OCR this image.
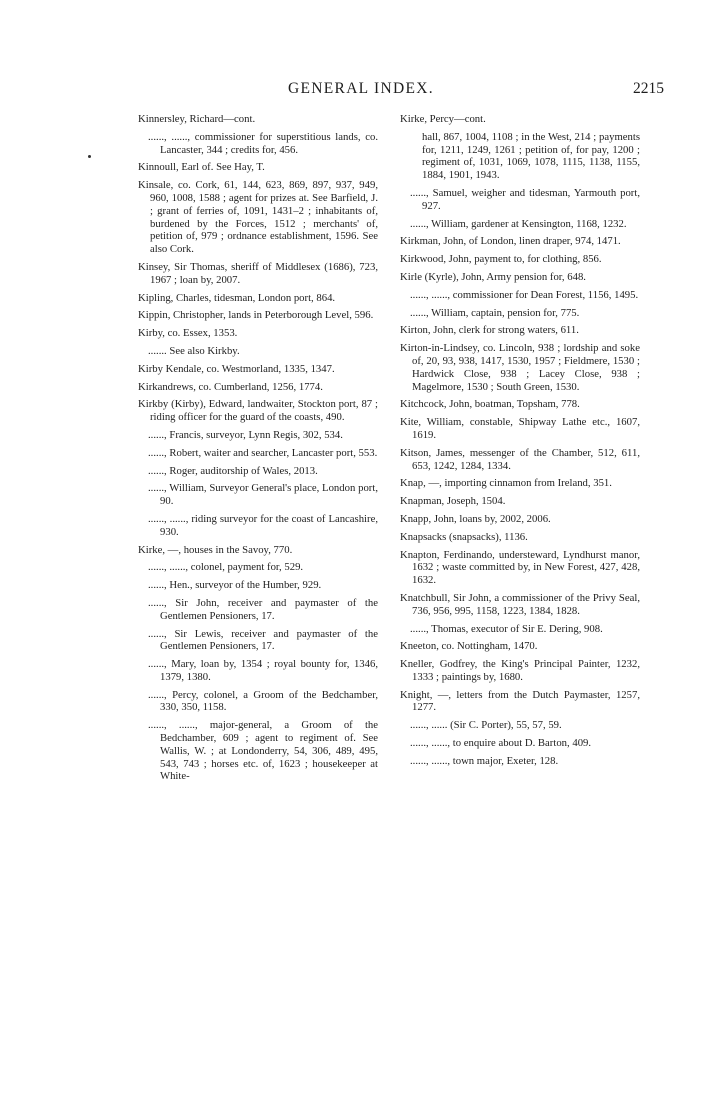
GENERAL INDEX.	2215

Kinnersley, Richard—cont.

......, ......, commissioner for superstitious lands, co. Lancaster, 344 ; credits for, 456.

Kinnoull, Earl of. See Hay, T.

Kinsale, co. Cork, 61, 144, 623, 869, 897, 937, 949, 960, 1008, 1588 ; agent for prizes at. See Barfield, J. ; grant of ferries of, 1091, 1431–2 ; inhabitants of, burdened by the Forces, 1512 ; merchants' of, petition of, 979 ; ordnance establishment, 1596. See also Cork.

Kinsey, Sir Thomas, sheriff of Middlesex (1686), 723, 1967 ; loan by, 2007.

Kipling, Charles, tidesman, London port, 864.

Kippin, Christopher, lands in Peterborough Level, 596.

Kirby, co. Essex, 1353.

....... See also Kirkby.

Kirby Kendale, co. Westmorland, 1335, 1347.

Kirkandrews, co. Cumberland, 1256, 1774.

Kirkby (Kirby), Edward, landwaiter, Stockton port, 87 ; riding officer for the guard of the coasts, 490.

......, Francis, surveyor, Lynn Regis, 302, 534.

......, Robert, waiter and searcher, Lancaster port, 553.

......, Roger, auditorship of Wales, 2013.

......, William, Surveyor General's place, London port, 90.

......, ......, riding surveyor for the coast of Lancashire, 930.

Kirke, —, houses in the Savoy, 770.

......, ......, colonel, payment for, 529.

......, Hen., surveyor of the Humber, 929.

......, Sir John, receiver and paymaster of the Gentlemen Pensioners, 17.

......, Sir Lewis, receiver and paymaster of the Gentlemen Pensioners, 17.

......, Mary, loan by, 1354 ; royal bounty for, 1346, 1379, 1380.

......, Percy, colonel, a Groom of the Bedchamber, 330, 350, 1158.

......, ......, major-general, a Groom of the Bedchamber, 609 ; agent to regiment of. See Wallis, W. ; at Londonderry, 54, 306, 489, 495, 543, 743 ; horses etc. of, 1623 ; housekeeper at White-

Kirke, Percy—cont.

hall, 867, 1004, 1108 ; in the West, 214 ; payments for, 1211, 1249, 1261 ; petition of, for pay, 1200 ; regiment of, 1031, 1069, 1078, 1115, 1138, 1155, 1884, 1901, 1943.

......, Samuel, weigher and tidesman, Yarmouth port, 927.

......, William, gardener at Kensington, 1168, 1232.

Kirkman, John, of London, linen draper, 974, 1471.

Kirkwood, John, payment to, for clothing, 856.

Kirle (Kyrle), John, Army pension for, 648.

......, ......, commissioner for Dean Forest, 1156, 1495.

......, William, captain, pension for, 775.

Kirton, John, clerk for strong waters, 611.

Kirton-in-Lindsey, co. Lincoln, 938 ; lordship and soke of, 20, 93, 938, 1417, 1530, 1957 ; Fieldmere, 1530 ; Hardwick Close, 938 ; Lacey Close, 938 ; Magelmore, 1530 ; South Green, 1530.

Kitchcock, John, boatman, Topsham, 778.

Kite, William, constable, Shipway Lathe etc., 1607, 1619.

Kitson, James, messenger of the Chamber, 512, 611, 653, 1242, 1284, 1334.

Knap, —, importing cinnamon from Ireland, 351.

Knapman, Joseph, 1504.

Knapp, John, loans by, 2002, 2006.

Knapsacks (snapsacks), 1136.

Knapton, Ferdinando, understeward, Lyndhurst manor, 1632 ; waste committed by, in New Forest, 427, 428, 1632.

Knatchbull, Sir John, a commissioner of the Privy Seal, 736, 956, 995, 1158, 1223, 1384, 1828.

......, Thomas, executor of Sir E. Dering, 908.

Kneeton, co. Nottingham, 1470.

Kneller, Godfrey, the King's Principal Painter, 1232, 1333 ; paintings by, 1680.

Knight, —, letters from the Dutch Paymaster, 1257, 1277.

......, ...... (Sir C. Porter), 55, 57, 59.

......, ......, to enquire about D. Barton, 409.

......, ......, town major, Exeter, 128.
